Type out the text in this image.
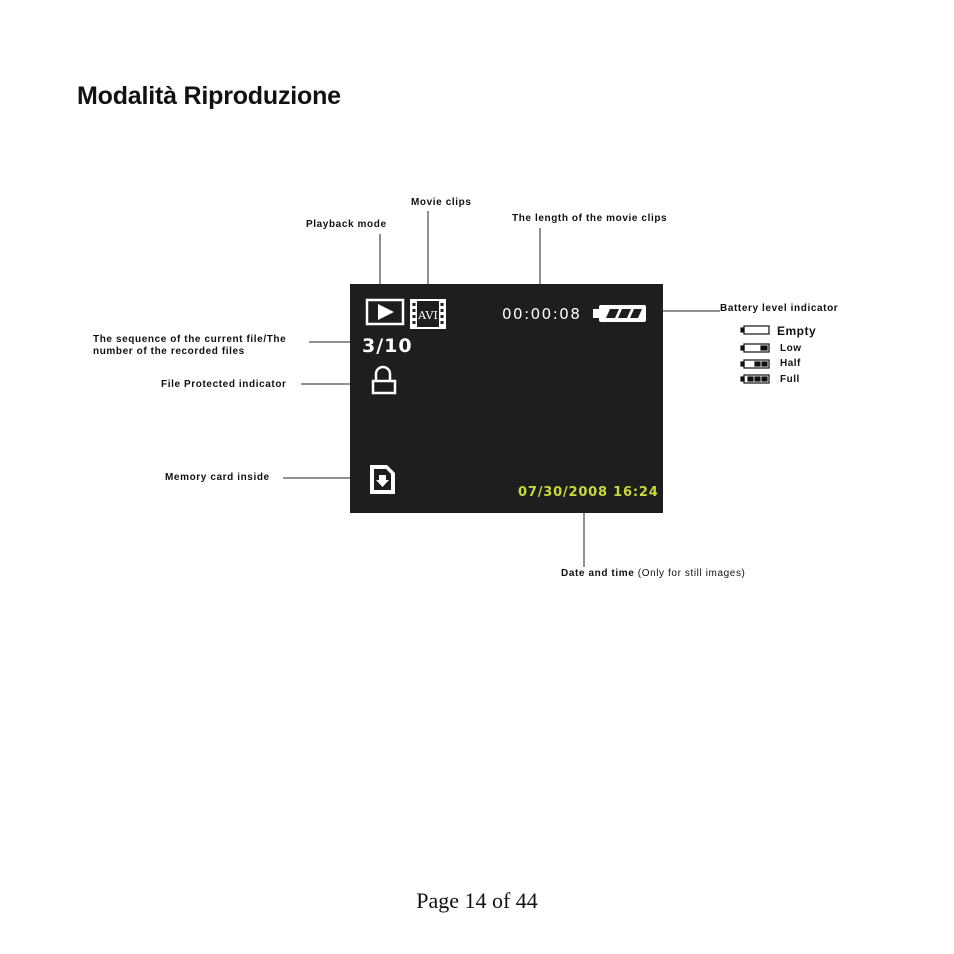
Modalità Riproduzione
AVI	00:00:08
3/10
07/30/2008 16:24
Playback mode
Movie clips
The length of the movie clips
Battery level indicator
The sequence of the current file/The
number of the recorded files
File Protected indicator
Memory card inside
Date and time (Only for still images)
Empty
Low
Half
Full
Page 14 of 44
